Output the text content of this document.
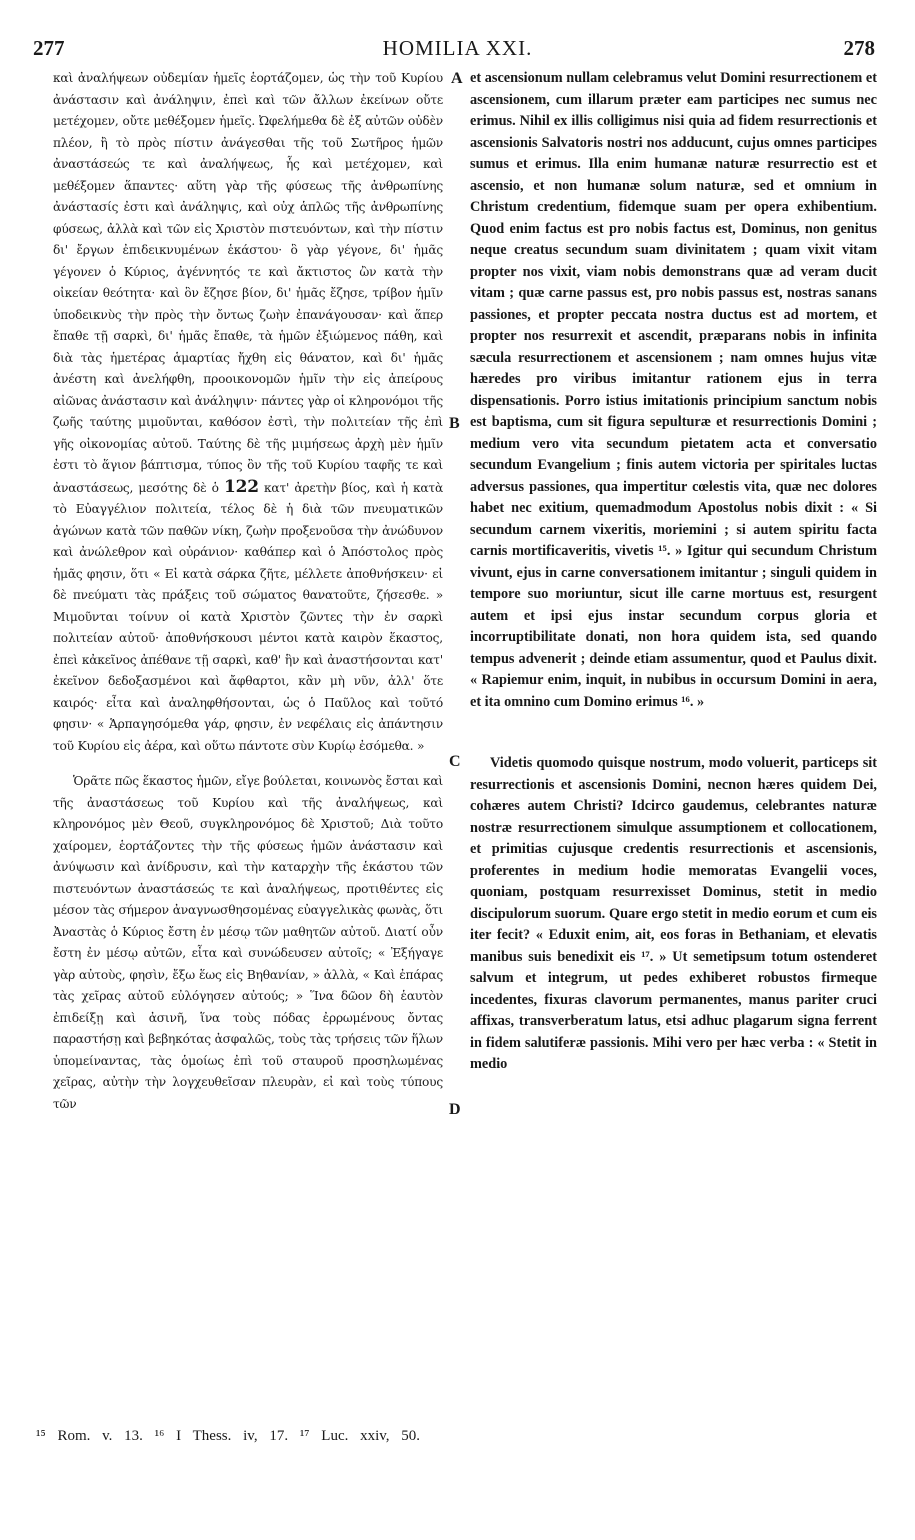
277	HOMILIA XXI.	278

καὶ ἀναλήψεων οὐδεμίαν ἡμεῖς ἑορτάζομεν, ὡς τὴν τοῦ Κυρίου ἀνάστασιν καὶ ἀνάληψιν, ἐπεὶ καὶ τῶν ἄλλων ἐκείνων οὔτε μετέχομεν, οὔτε μεθέξομεν ἡμεῖς. Ὠφελήμεθα δὲ ἐξ αὐτῶν οὐδὲν πλέον, ἢ τὸ πρὸς πίστιν ἀνάγεσθαι τῆς τοῦ Σωτῆρος ἡμῶν ἀναστάσεώς τε καὶ ἀναλήψεως, ἧς καὶ μετέχομεν, καὶ μεθέξομεν ἅπαντες· αὕτη γὰρ τῆς φύσεως τῆς ἀνθρωπίνης ἀνάστασίς ἐστι καὶ ἀνάληψις, καὶ οὐχ ἁπλῶς τῆς ἀνθρωπίνης φύσεως, ἀλλὰ καὶ τῶν εἰς Χριστὸν πιστευόντων, καὶ τὴν πίστιν δι' ἔργων ἐπιδεικνυμένων ἑκάστου· ὃ γὰρ γέγονε, δι' ἡμᾶς γέγονεν ὁ Κύριος, ἀγέννητός τε καὶ ἄκτιστος ὢν κατὰ τὴν οἰκείαν θεότητα· καὶ ὃν ἔζησε βίον, δι' ἡμᾶς ἔζησε, τρίβον ἡμῖν ὑποδεικνὺς τὴν πρὸς τὴν ὄντως ζωὴν ἐπανάγουσαν· καὶ ἅπερ ἔπαθε τῇ σαρκὶ, δι' ἡμᾶς ἔπαθε, τὰ ἡμῶν ἐξιώμενος πάθη, καὶ διὰ τὰς ἡμετέρας ἁμαρτίας ἤχθη εἰς θάνατον, καὶ δι' ἡμᾶς ἀνέστη καὶ ἀνελήφθη, προοικονομῶν ἡμῖν τὴν εἰς ἀπείρους αἰῶνας ἀνάστασιν καὶ ἀνάληψιν· πάντες γὰρ οἱ κληρονόμοι τῆς ζωῆς ταύτης μιμοῦνται, καθόσον ἐστὶ, τὴν πολιτείαν τῆς ἐπὶ γῆς οἰκονομίας αὐτοῦ. Ταύτης δὲ τῆς μιμήσεως ἀρχὴ μὲν ἡμῖν ἐστι τὸ ἅγιον βάπτισμα, τύπος ὂν τῆς τοῦ Κυρίου ταφῆς τε καὶ ἀναστάσεως, μεσότης δὲ ὁ 122 κατ' ἀρετὴν βίος, καὶ ἡ κατὰ τὸ Εὐαγγέλιον πολιτεία, τέλος δὲ ἡ διὰ τῶν πνευματικῶν ἀγώνων κατὰ τῶν παθῶν νίκη, ζωὴν προξενοῦσα τὴν ἀνώδυνον καὶ ἀνώλεθρον καὶ οὐράνιον· καθάπερ καὶ ὁ Ἀπόστολος πρὸς ἡμᾶς φησιν, ὅτι « Εἰ κατὰ σάρκα ζῆτε, μέλλετε ἀποθνήσκειν· εἰ δὲ πνεύματι τὰς πράξεις τοῦ σώματος θανατοῦτε, ζήσεσθε. » Μιμοῦνται τοίνυν οἱ κατὰ Χριστὸν ζῶντες τὴν ἐν σαρκὶ πολιτείαν αὐτοῦ· ἀποθνήσκουσι μέντοι κατὰ καιρὸν ἕκαστος, ἐπεὶ κἀκεῖνος ἀπέθανε τῇ σαρκὶ, καθ' ἣν καὶ ἀναστήσονται κατ' ἐκεῖνον δεδοξασμένοι καὶ ἄφθαρτοι, κἂν μὴ νῦν, ἀλλ' ὅτε καιρός· εἶτα καὶ ἀναληφθήσονται, ὡς ὁ Παῦλος καὶ τοῦτό φησιν· « Ἁρπαγησόμεθα γάρ, φησιν, ἐν νεφέλαις εἰς ἀπάντησιν τοῦ Κυρίου εἰς ἀέρα, καὶ οὕτω πάντοτε σὺν Κυρίῳ ἐσόμεθα. »

Ὁρᾶτε πῶς ἕκαστος ἡμῶν, εἴγε βούλεται, κοινωνὸς ἔσται καὶ τῆς ἀναστάσεως τοῦ Κυρίου καὶ τῆς ἀναλήψεως, καὶ κληρονόμος μὲν Θεοῦ, συγκληρονόμος δὲ Χριστοῦ; Διὰ τοῦτο χαίρομεν, ἑορτάζοντες τὴν τῆς φύσεως ἡμῶν ἀνάστασιν καὶ ἀνύψωσιν καὶ ἀνίδρυσιν, καὶ τὴν καταρχὴν τῆς ἑκάστου τῶν πιστευόντων ἀναστάσεώς τε καὶ ἀναλήψεως, προτιθέντες εἰς μέσον τὰς σήμερον ἀναγνωσθησομένας εὐαγγελικὰς φωνὰς, ὅτι Ἀναστὰς ὁ Κύριος ἔστη ἐν μέσῳ τῶν μαθητῶν αὐτοῦ. Διατί οὖν ἔστη ἐν μέσῳ αὐτῶν, εἶτα καὶ συνώδευσεν αὐτοῖς; « Ἐξήγαγε γὰρ αὐτοὺς, φησὶν, ἔξω ἕως εἰς Βηθανίαν, » ἀλλὰ, « Καὶ ἐπάρας τὰς χεῖρας αὐτοῦ εὐλόγησεν αὐτούς; » Ἵνα δῶον δὴ ἑαυτὸν ἐπιδείξῃ καὶ ἀσινῆ, ἵνα τοὺς πόδας ἐρρωμένους ὄντας παραστήσῃ καὶ βεβηκότας ἀσφαλῶς, τοὺς τὰς τρήσεις τῶν ἥλων ὑπομείναντας, τὰς ὁμοίως ἐπὶ τοῦ σταυροῦ προσηλωμένας χεῖρας, αὐτὴν τὴν λογχευθεῖσαν πλευρὰν, εἰ καὶ τοὺς τύπους τῶν

A
B
C
D

et ascensionum nullam celebramus velut Domini resurrectionem et ascensionem, cum illarum præter eam participes nec sumus nec erimus. Nihil ex illis colligimus nisi quia ad fidem resurrectionis et ascensionis Salvatoris nostri nos adducunt, cujus omnes participes sumus et erimus. Illa enim humanæ naturæ resurrectio est et ascensio, et non humanæ solum naturæ, sed et omnium in Christum credentium, fidemque suam per opera exhibentium. Quod enim factus est pro nobis factus est, Dominus, non genitus neque creatus secundum suam divinitatem ; quam vixit vitam propter nos vixit, viam nobis demonstrans quæ ad veram ducit vitam ; quæ carne passus est, pro nobis passus est, nostras sanans passiones, et propter peccata nostra ductus est ad mortem, et propter nos resurrexit et ascendit, præparans nobis in infinita sæcula resurrectionem et ascensionem ; nam omnes hujus vitæ hæredes pro viribus imitantur rationem ejus in terra dispensationis. Porro istius imitationis principium sanctum nobis est baptisma, cum sit figura sepulturæ et resurrectionis Domini ; medium vero vita secundum pietatem acta et conversatio secundum Evangelium ; finis autem victoria per spiritales luctas adversus passiones, qua impertitur cœlestis vita, quæ nec dolores habet nec exitium, quemadmodum Apostolus nobis dixit : « Si secundum carnem vixeritis, moriemini ; si autem spiritu facta carnis mortificaveritis, vivetis ¹⁵. » Igitur qui secundum Christum vivunt, ejus in carne conversationem imitantur ; singuli quidem in tempore suo moriuntur, sicut ille carne mortuus est, resurgent autem et ipsi ejus instar secundum corpus gloria et incorruptibilitate donati, non hora quidem ista, sed quando tempus advenerit ; deinde etiam assumentur, quod et Paulus dixit. « Rapiemur enim, inquit, in nubibus in occursum Domini in aera, et ita omnino cum Domino erimus ¹⁶. »

Videtis quomodo quisque nostrum, modo voluerit, particeps sit resurrectionis et ascensionis Domini, necnon hæres quidem Dei, cohæres autem Christi? Idcirco gaudemus, celebrantes naturæ nostræ resurrectionem simulque assumptionem et collocationem, et primitias cujusque credentis resurrectionis et ascensionis, proferentes in medium hodie memoratas Evangelii voces, quoniam, postquam resurrexisset Dominus, stetit in medio discipulorum suorum. Quare ergo stetit in medio eorum et cum eis iter fecit? « Eduxit enim, ait, eos foras in Bethaniam, et elevatis manibus suis benedixit eis ¹⁷. » Ut semetipsum totum ostenderet salvum et integrum, ut pedes exhiberet robustos firmeque incedentes, fixuras clavorum permanentes, manus pariter cruci affixas, transverberatum latus, etsi adhuc plagarum signa ferrent in fidem salutiferæ passionis. Mihi vero per hæc verba : « Stetit in medio

¹⁵ Rom. v. 13. ¹⁶ I Thess. iv, 17. ¹⁷ Luc. xxiv, 50.
